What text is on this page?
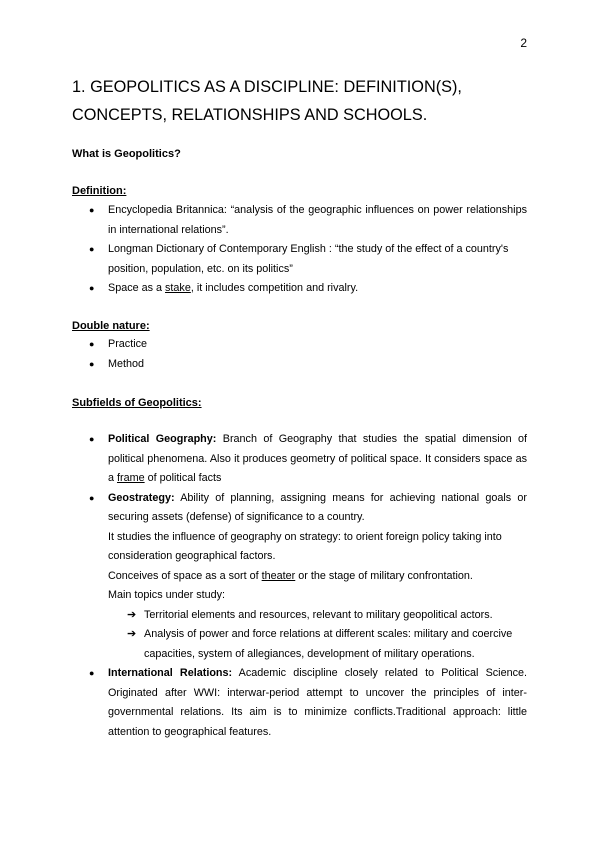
2
1. GEOPOLITICS AS A DISCIPLINE: DEFINITION(S), CONCEPTS, RELATIONSHIPS AND SCHOOLS.

What is Geopolitics?

Definition:

● Encyclopedia Britannica: “analysis of the geographic influences on power relationships in international relations”.
● Longman Dictionary of Contemporary English : “the study of the effect of a country's position, population, etc. on its politics”
● Space as a stake, it includes competition and rivalry.

Double nature:

● Practice
● Method

Subfields of Geopolitics:

● Political Geography: Branch of Geography that studies the spatial dimension of political phenomena. Also it produces geometry of political space. It considers space as a frame of political facts
● Geostrategy: Ability of planning, assigning means for achieving national goals or securing assets (defense) of significance to a country.
It studies the influence of geography on strategy: to orient foreign policy taking into consideration geographical factors.
Conceives of space as a sort of theater or the stage of military confrontation.
Main topics under study:
➔ Territorial elements and resources, relevant to military geopolitical actors.
➔ Analysis of power and force relations at different scales: military and coercive capacities, system of allegiances, development of military operations.
● International Relations: Academic discipline closely related to Political Science. Originated after WWI: interwar-period attempt to uncover the principles of inter-governmental relations. Its aim is to minimize conflicts.Traditional approach: little attention to geographical features.
